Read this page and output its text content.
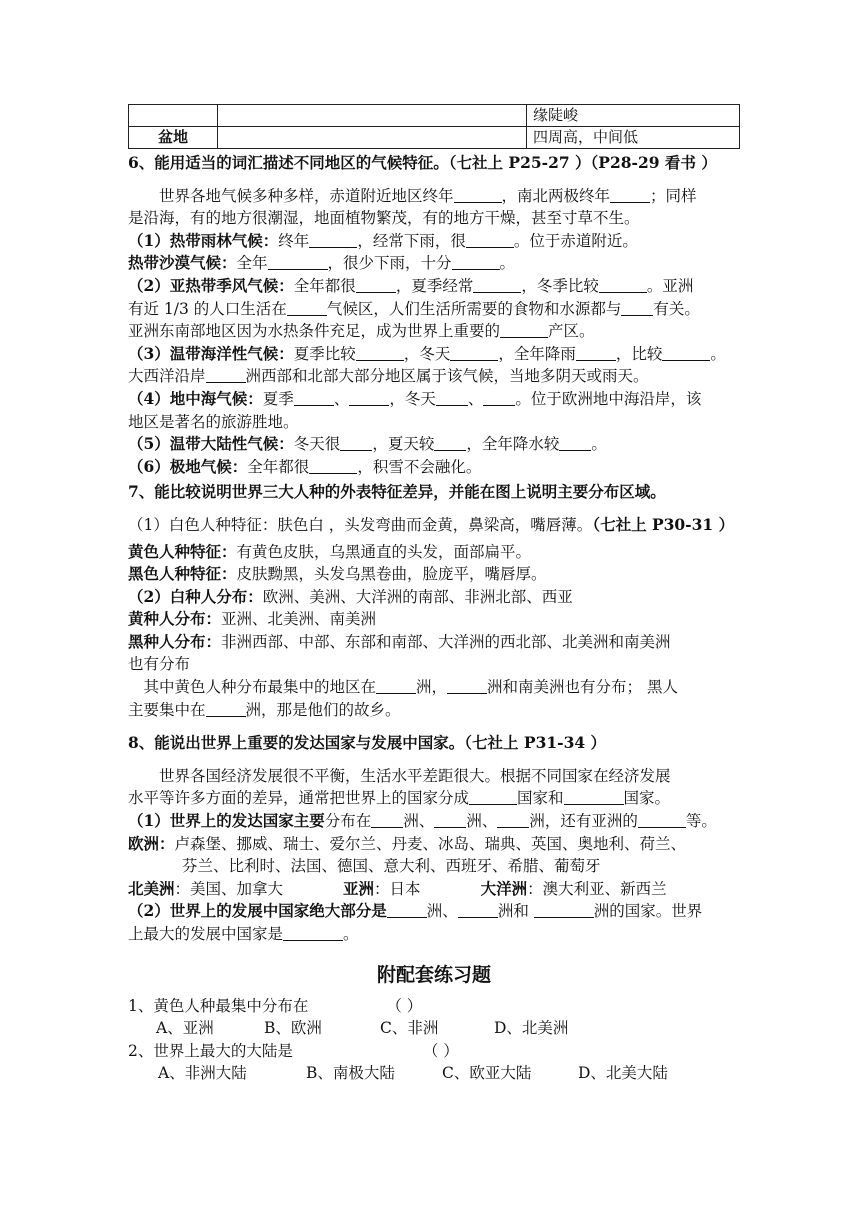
		缘陡峻
盆地		四周高，中间低
6、能用适当的词汇描述不同地区的气候特征。（七社上 P25-27 ）（P28-29 看书 ）
世界各地气候多种多样，赤道附近地区终年	，南北两极终年	；同样
是沿海，有的地方很潮湿，地面植物繁茂，有的地方干燥，甚至寸草不生。
（1）热带雨林气候：终年	，经常下雨，很	。位于赤道附近。
热带沙漠气候：全年	，很少下雨，十分	。
（2）亚热带季风气候：全年都很	，夏季经常	，冬季比较	。亚洲
有近 1/3 的人口生活在	气候区，人们生活所需要的食物和水源都与 有关。
亚洲东南部地区因为水热条件充足，成为世界上重要的	产区。
（3）温带海洋性气候：夏季比较	，冬天	，全年降雨	，比较	。
大西洋沿岸	洲西部和北部大部分地区属于该气候，当地多阴天或雨天。
（4）地中海气候：夏季	、	，冬天 、 。位于欧洲地中海沿岸，该
地区是著名的旅游胜地。
（5）温带大陆性气候：冬天很 ，夏天较 ，全年降水较 。
（6）极地气候：全年都很	，积雪不会融化。
7、能比较说明世界三大人种的外表特征差异，并能在图上说明主要分布区域。
（1）白色人种特征：肤色白 ，头发弯曲而金黄，鼻梁高，嘴唇薄。（七社上 P30-31 ）
黄色人种特征：有黄色皮肤，乌黑通直的头发，面部扁平。
黑色人种特征：皮肤黝黑，头发乌黑卷曲，脸庞平，嘴唇厚。
（2）白种人分布：欧洲、美洲、大洋洲的南部、非洲北部、西亚
黄种人分布：亚洲、北美洲、南美洲
黑种人分布：非洲西部、中部、东部和南部、大洋洲的西北部、北美洲和南美洲
也有分布
其中黄色人种分布最集中的地区在	洲，	洲和南美洲也有分布； 黑人
主要集中在	洲，那是他们的故乡。
8、能说出世界上重要的发达国家与发展中国家。（七社上 P31-34 ）
世界各国经济发展很不平衡，生活水平差距很大。根据不同国家在经济发展
水平等许多方面的差异，通常把世界上的国家分成	国家和	国家。
（1）世界上的发达国家主要分布在 洲、 洲、 洲，还有亚洲的	等。
欧洲：卢森堡、挪威、瑞士、爱尔兰、丹麦、冰岛、瑞典、英国、奥地利、荷兰、
芬兰、比利时、法国、德国、意大利、西班牙、希腊、葡萄牙
北美洲：美国、加拿大	亚洲：日本	大洋洲：澳大利亚、新西兰
（2）世界上的发展中国家绝大部分是	洲、	洲和	洲的国家。世界
上最大的发展中国家是	。
附配套练习题
1、黄色人种最集中分布在	（ ）
A、亚洲	B、欧洲	C、非洲	D、北美洲
2、世界上最大的大陆是	（ ）
A、非洲大陆	B、南极大陆	C、欧亚大陆	D、北美大陆
